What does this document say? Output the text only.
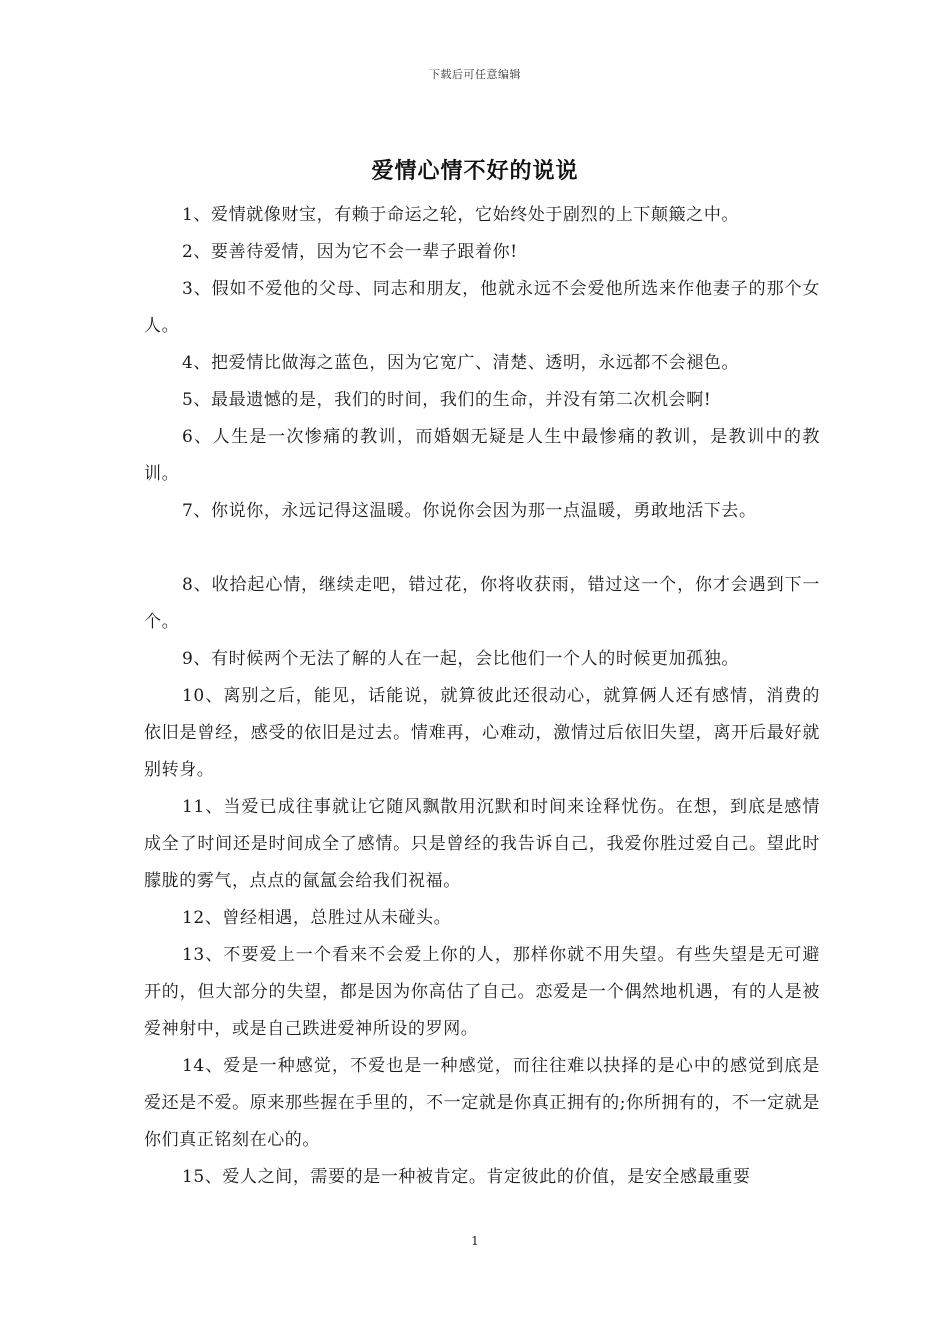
下载后可任意编辑
爱情心情不好的说说

1、爱情就像财宝，有赖于命运之轮，它始终处于剧烈的上下颠簸之中。

2、要善待爱情，因为它不会一辈子跟着你!

3、假如不爱他的父母、同志和朋友，他就永远不会爱他所选来作他妻子的那个女人。

4、把爱情比做海之蓝色，因为它宽广、清楚、透明，永远都不会褪色。

5、最最遗憾的是，我们的时间，我们的生命，并没有第二次机会啊!

6、人生是一次惨痛的教训，而婚姻无疑是人生中最惨痛的教训，是教训中的教训。

7、你说你，永远记得这温暖。你说你会因为那一点温暖，勇敢地活下去。

8、收拾起心情，继续走吧，错过花，你将收获雨，错过这一个，你才会遇到下一个。

9、有时候两个无法了解的人在一起，会比他们一个人的时候更加孤独。

10、离别之后，能见，话能说，就算彼此还很动心，就算俩人还有感情，消费的依旧是曾经，感受的依旧是过去。情难再，心难动，激情过后依旧失望，离开后最好就别转身。

11、当爱已成往事就让它随风飘散用沉默和时间来诠释忧伤。在想，到底是感情成全了时间还是时间成全了感情。只是曾经的我告诉自己，我爱你胜过爱自己。望此时朦胧的雾气，点点的氤氲会给我们祝福。

12、曾经相遇，总胜过从未碰头。

13、不要爱上一个看来不会爱上你的人，那样你就不用失望。有些失望是无可避开的，但大部分的失望，都是因为你高估了自己。恋爱是一个偶然地机遇，有的人是被爱神射中，或是自己跌进爱神所设的罗网。

14、爱是一种感觉，不爱也是一种感觉，而往往难以抉择的是心中的感觉到底是爱还是不爱。原来那些握在手里的，不一定就是你真正拥有的;你所拥有的，不一定就是你们真正铭刻在心的。

15、爱人之间，需要的是一种被肯定。肯定彼此的价值，是安全感最重要

1
